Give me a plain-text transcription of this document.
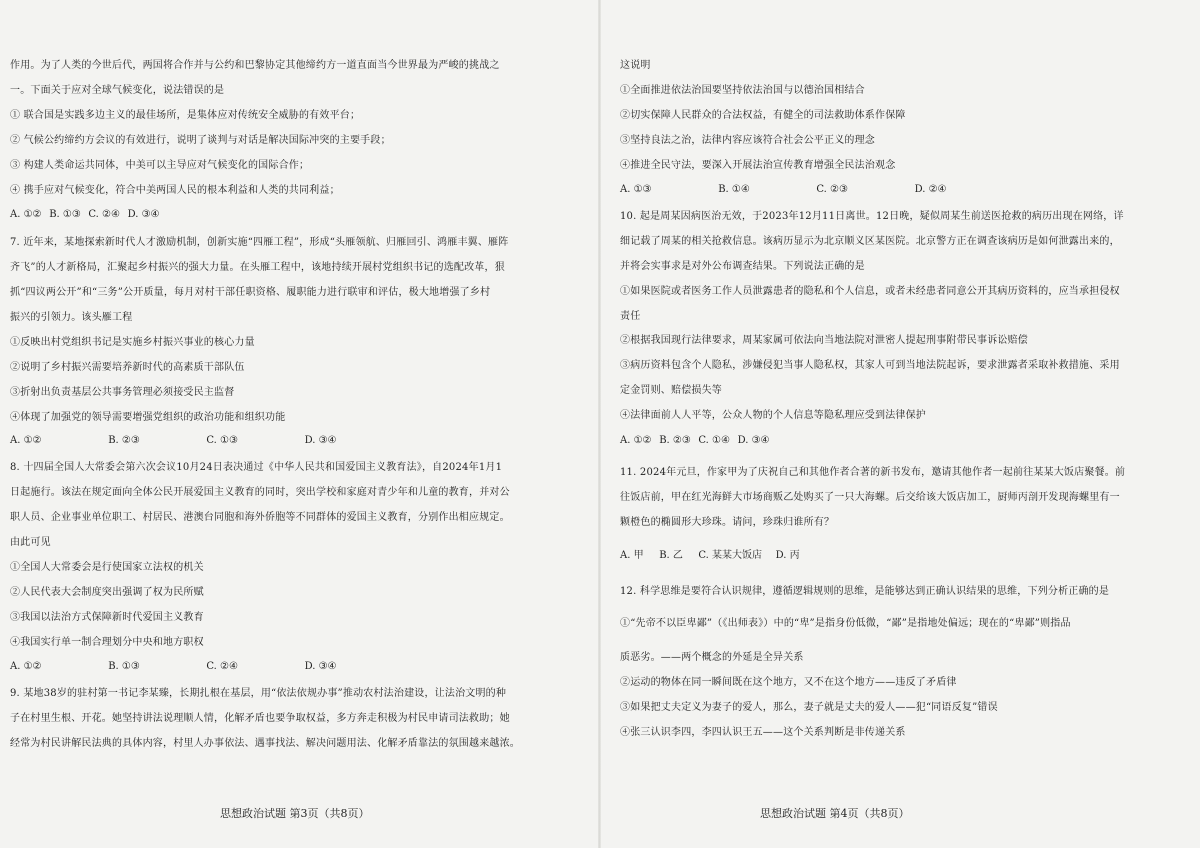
作用。为了人类的今世后代，两国将合作并与公约和巴黎协定其他缔约方一道直面当今世界最为严峻的挑战之
一。下面关于应对全球气候变化，说法错误的是
① 联合国是实践多边主义的最佳场所，是集体应对传统安全威胁的有效平台；
② 气候公约缔约方会议的有效进行，说明了谈判与对话是解决国际冲突的主要手段；
③ 构建人类命运共同体，中美可以主导应对气候变化的国际合作；
④ 携手应对气候变化，符合中美两国人民的根本利益和人类的共同利益；
A. ①② B. ①③ C. ②④ D. ③④
7. 近年来，某地探索新时代人才激励机制，创新实施“四雁工程”，形成“头雁领航、归雁回引、鸿雁丰翼、雁阵
齐飞”的人才新格局，汇聚起乡村振兴的强大力量。在头雁工程中，该地持续开展村党组织书记的选配改革，狠
抓“四议两公开”和“三务”公开质量，每月对村干部任职资格、履职能力进行联审和评估，极大地增强了乡村
振兴的引领力。该头雁工程
①反映出村党组织书记是实施乡村振兴事业的核心力量
②说明了乡村振兴需要培养新时代的高素质干部队伍
③折射出负责基层公共事务管理必须接受民主监督
④体现了加强党的领导需要增强党组织的政治功能和组织功能
A. ①②	B. ②③	C. ①③	D. ③④
8. 十四届全国人大常委会第六次会议10月24日表决通过《中华人民共和国爱国主义教育法》，自2024年1月1
日起施行。该法在规定面向全体公民开展爱国主义教育的同时，突出学校和家庭对青少年和儿童的教育，并对公
职人员、企业事业单位职工、村居民、港澳台同胞和海外侨胞等不同群体的爱国主义教育，分别作出相应规定。
由此可见
①全国人大常委会是行使国家立法权的机关
②人民代表大会制度突出强调了权为民所赋
③我国以法治方式保障新时代爱国主义教育
④我国实行单一制合理划分中央和地方职权
A. ①②	B. ①③	C. ②④	D. ③④
9. 某地38岁的驻村第一书记李某臻，长期扎根在基层，用“依法依规办事”推动农村法治建设，让法治文明的种
子在村里生根、开花。她坚持讲法说理顺人情，化解矛盾也要争取权益，多方奔走积极为村民申请司法救助；她
经常为村民讲解民法典的具体内容，村里人办事依法、遇事找法、解决问题用法、化解矛盾靠法的氛围越来越浓。
思想政治试题 第3页（共8页）
这说明
①全面推进依法治国要坚持依法治国与以德治国相结合
②切实保障人民群众的合法权益，有健全的司法救助体系作保障
③坚持良法之治，法律内容应该符合社会公平正义的理念
④推进全民守法，要深入开展法治宣传教育增强全民法治观念
A. ①③	B. ①④	C. ②③	D. ②④
10. 起是周某因病医治无效，于2023年12月11日离世。12日晚，疑似周某生前送医抢救的病历出现在网络，详
细记载了周某的相关抢救信息。该病历显示为北京顺义区某医院。北京警方正在调查该病历是如何泄露出来的，
并将会实事求是对外公布调查结果。下列说法正确的是
①如果医院或者医务工作人员泄露患者的隐私和个人信息，或者未经患者同意公开其病历资料的，应当承担侵权
责任
②根据我国现行法律要求，周某家属可依法向当地法院对泄密人提起刑事附带民事诉讼赔偿
③病历资料包含个人隐私，涉嫌侵犯当事人隐私权，其家人可到当地法院起诉，要求泄露者采取补救措施、采用
定金罚则、赔偿损失等
④法律面前人人平等，公众人物的个人信息等隐私理应受到法律保护
A. ①② B. ②③ C. ①④ D. ③④
11. 2024年元旦，作家甲为了庆祝自己和其他作者合著的新书发布，邀请其他作者一起前往某某大饭店聚餐。前
往饭店前，甲在红光海鲜大市场商贩乙处购买了一只大海螺。后交给该大饭店加工，厨师丙剖开发现海螺里有一
颗橙色的椭圆形大珍珠。请问，珍珠归谁所有？
A. 甲 B. 乙 C. 某某大饭店 D. 丙
12. 科学思维是要符合认识规律，遵循逻辑规则的思维，是能够达到正确认识结果的思维，下列分析正确的是
①“先帝不以臣卑鄙”（《出师表》）中的“卑”是指身份低微，“鄙”是指地处偏远；现在的“卑鄙”则指品
质恶劣。——两个概念的外延是全异关系
②运动的物体在同一瞬间既在这个地方，又不在这个地方——违反了矛盾律
③如果把丈夫定义为妻子的爱人，那么，妻子就是丈夫的爱人——犯“同语反复”错误
④张三认识李四，李四认识王五——这个关系判断是非传递关系
思想政治试题 第4页（共8页）
